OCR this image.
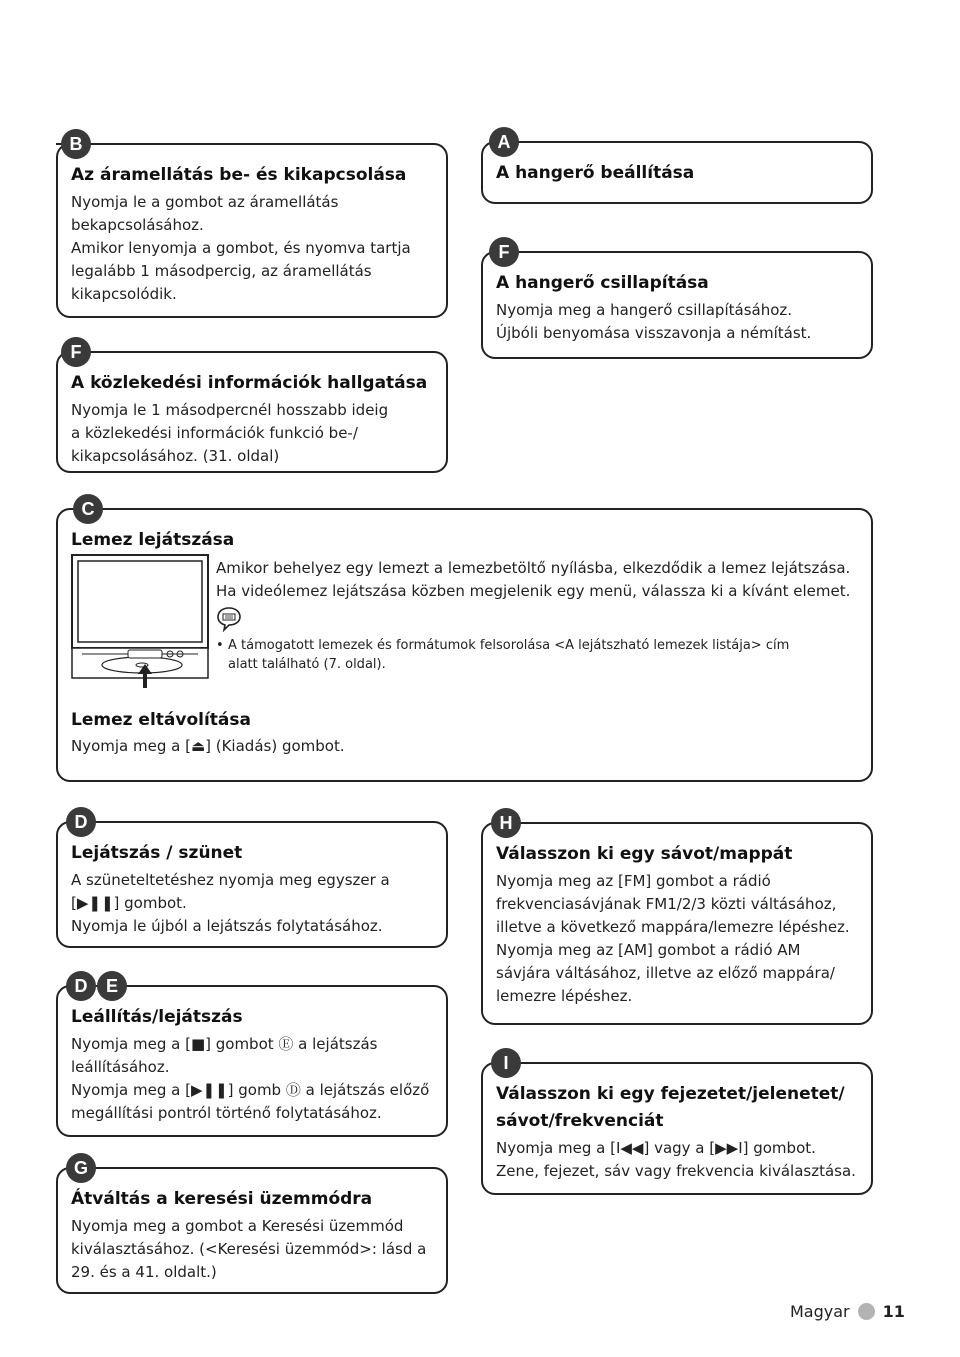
B
Az áramellátás be- és kikapcsolása

Nyomja le a gombot az áramellátás

bekapcsolásához.

Amikor lenyomja a gombot, és nyomva tartja

legalább 1 másodpercig, az áramellátás

kikapcsolódik.

F
A közlekedési információk hallgatása

Nyomja le 1 másodpercnél hosszabb ideig

a közlekedési információk funkció be-/

kikapcsolásához. (31. oldal)

A
A hangerő beállítása
F
A hangerő csillapítása

Nyomja meg a hangerő csillapításához.

Újbóli benyomása visszavonja a némítást.

C
Lemez lejátszása

Amikor behelyez egy lemezt a lemezbetöltő nyílásba, elkezdődik a lemez lejátszása.

Ha videólemez lejátszása közben megjelenik egy menü, válassza ki a kívánt elemet.

• A támogatott lemezek és formátumok felsorolása <A lejátszható lemezek listája> cím alatt található (7. oldal).
Lemez eltávolítása
Nyomja meg a [⏏] (Kiadás) gombot.
D
Lejátszás / szünet

A szüneteltetéshez nyomja meg egyszer a

[▶❚❚] gombot.

Nyomja le újból a lejátszás folytatásához.

D	E
Leállítás/lejátszás

Nyomja meg a [■] gombot Ⓔ a lejátszás

leállításához.

Nyomja meg a [▶❚❚] gomb Ⓓ a lejátszás előző

megállítási pontról történő folytatásához.

G
Átváltás a keresési üzemmódra

Nyomja meg a gombot a Keresési üzemmód

kiválasztásához. (<Keresési üzemmód>: lásd a

29. és a 41. oldalt.)

H
Válasszon ki egy sávot/mappát

Nyomja meg az [FM] gombot a rádió

frekvenciasávjának FM1/2/3 közti váltásához,

illetve a következő mappára/lemezre lépéshez.

Nyomja meg az [AM] gombot a rádió AM

sávjára váltásához, illetve az előző mappára/

lemezre lépéshez.

I
Válasszon ki egy fejezetet/jelenetet/
sávot/frekvenciát

Nyomja meg a [I◀◀] vagy a [▶▶I] gombot.

Zene, fejezet, sáv vagy frekvencia kiválasztása.

Magyar 11
